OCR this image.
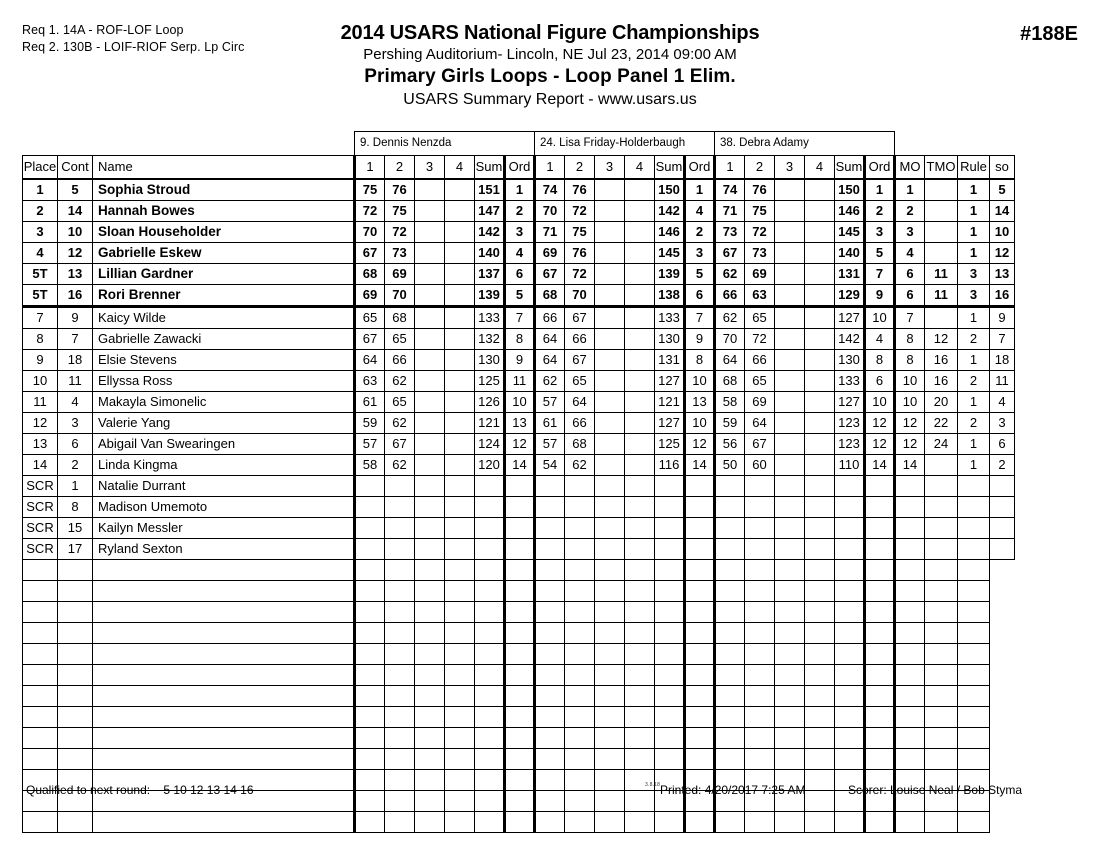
Req 1. 14A - ROF-LOF Loop
Req 2. 130B - LOIF-RIOF Serp. Lp Circ
2014 USARS National Figure Championships
Pershing Auditorium- Lincoln, NE Jul 23, 2014 09:00 AM
Primary Girls Loops - Loop Panel 1 Elim.
USARS Summary Report - www.usars.us
#188E
			9. Dennis Nenzda						24. Lisa Friday-Holderbaugh						38. Debra Adamy									
Place	Cont	Name	1	2	3	4	Sum	Ord	1	2	3	4	Sum	Ord	1	2	3	4	Sum	Ord	MO	TMO	Rule	so
1	5	Sophia Stroud	75	76			151	1	74	76			150	1	74	76			150	1	1		1	5
2	14	Hannah Bowes	72	75			147	2	70	72			142	4	71	75			146	2	2		1	14
3	10	Sloan Householder	70	72			142	3	71	75			146	2	73	72			145	3	3		1	10
4	12	Gabrielle Eskew	67	73			140	4	69	76			145	3	67	73			140	5	4		1	12
5T	13	Lillian Gardner	68	69			137	6	67	72			139	5	62	69			131	7	6	11	3	13
5T	16	Rori Brenner	69	70			139	5	68	70			138	6	66	63			129	9	6	11	3	16
7	9	Kaicy Wilde	65	68			133	7	66	67			133	7	62	65			127	10	7		1	9
8	7	Gabrielle Zawacki	67	65			132	8	64	66			130	9	70	72			142	4	8	12	2	7
9	18	Elsie Stevens	64	66			130	9	64	67			131	8	64	66			130	8	8	16	1	18
10	11	Ellyssa Ross	63	62			125	11	62	65			127	10	68	65			133	6	10	16	2	11
11	4	Makayla Simonelic	61	65			126	10	57	64			121	13	58	69			127	10	10	20	1	4
12	3	Valerie Yang	59	62			121	13	61	66			127	10	59	64			123	12	12	22	2	3
13	6	Abigail Van Swearingen	57	67			124	12	57	68			125	12	56	67			123	12	12	24	1	6
14	2	Linda Kingma	58	62			120	14	54	62			116	14	50	60			110	14	14		1	2
SCR	1	Natalie Durrant																						
SCR	8	Madison Umemoto																						
SCR	15	Kailyn Messler																						
SCR	17	Ryland Sexton																						

Qualified to next round: 5 10 12 13 14 16	3.8.18 Printed: 4/20/2017 7:25 AM	Scorer: Louise Neal / Bob Styma
